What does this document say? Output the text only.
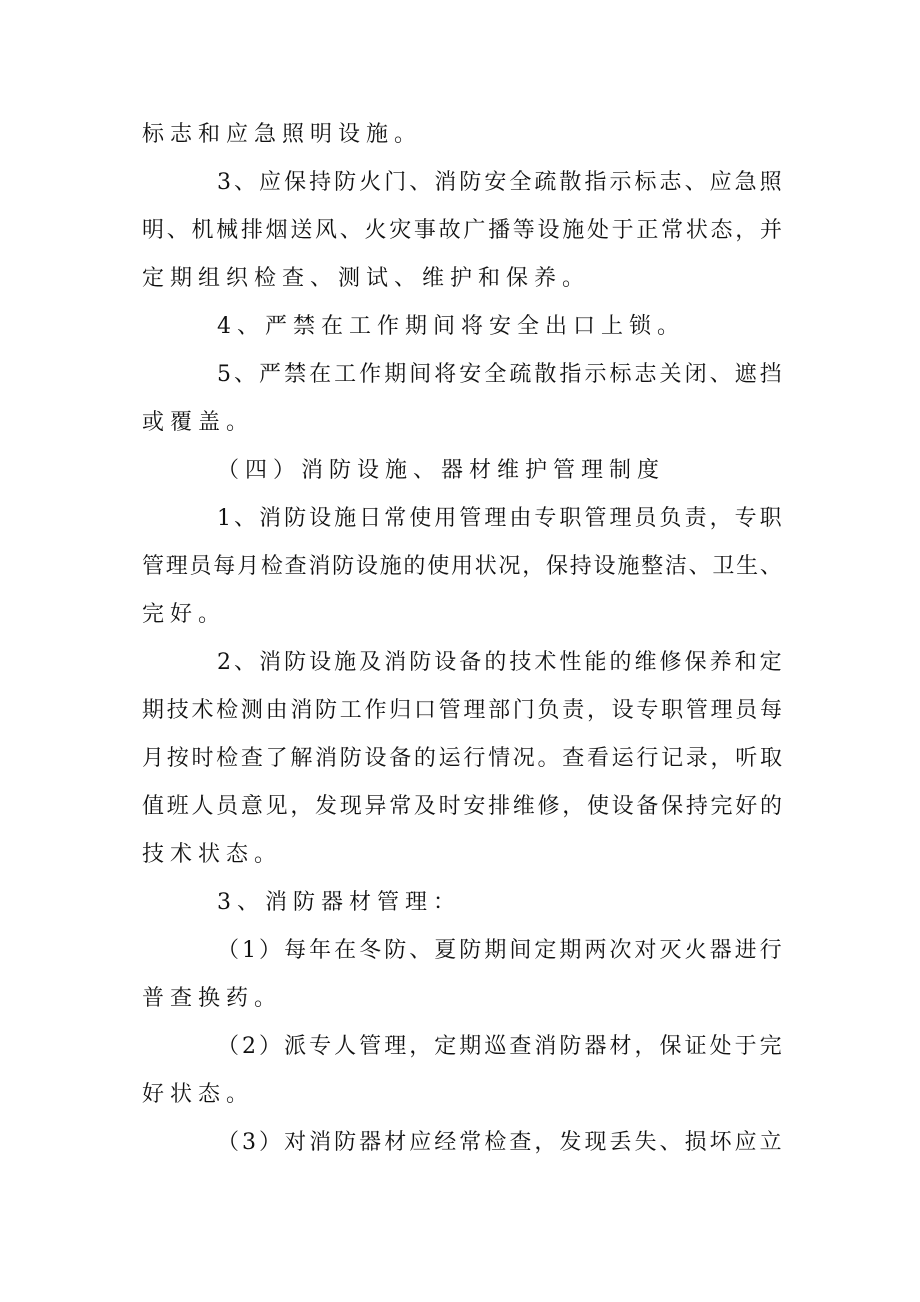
标志和应急照明设施。
3 、 应 保 持 防 火 门 、 消 防 安 全 疏 散 指 示 标 志 、 应 急 照
明 、 机 械 排 烟 送 风 、 火 灾 事 故 广 播 等 设 施 处 于 正 常 状 态 ， 并
定期组织检查、测试、维护和保养。
4、严禁在工作期间将安全出口上锁。
5 、 严 禁 在 工 作 期 间 将 安 全 疏 散 指 示 标 志 关 闭 、 遮 挡
或覆盖。
（四）消防设施、器材维护管理制度
1 、 消 防 设 施 日 常 使 用 管 理 由 专 职 管 理 员 负 责 ， 专 职
管 理 员 每 月 检 查 消 防 设 施 的 使 用 状 况 ， 保 持 设 施 整 洁 、 卫 生 、
完好。
2 、 消 防 设 施 及 消 防 设 备 的 技 术 性 能 的 维 修 保 养 和 定
期 技 术 检 测 由 消 防 工 作 归 口 管 理 部 门 负 责 ， 设 专 职 管 理 员 每
月 按 时 检 查 了 解 消 防 设 备 的 运 行 情 况 。 查 看 运 行 记 录 ， 听 取
值 班 人 员 意 见 ， 发 现 异 常 及 时 安 排 维 修 ， 使 设 备 保 持 完 好 的
技术状态。
3、消防器材管理：
（ 1 ） 每 年 在 冬 防 、 夏 防 期 间 定 期 两 次 对 灭 火 器 进 行
普查换药。
（ 2 ） 派 专 人 管 理 ， 定 期 巡 查 消 防 器 材 ， 保 证 处 于 完
好状态。
（ 3 ） 对 消 防 器 材 应 经 常 检 查 ， 发 现 丢 失 、 损 坏 应 立
